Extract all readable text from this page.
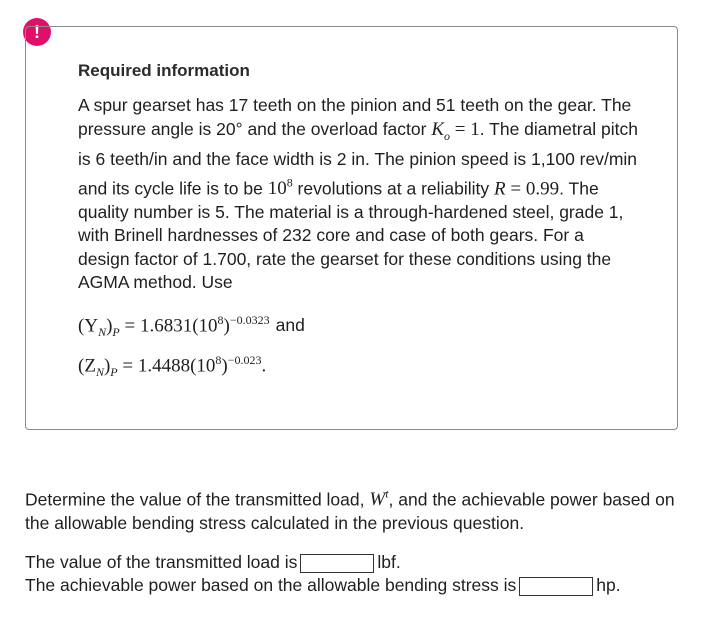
!
Required information
A spur gearset has 17 teeth on the pinion and 51 teeth on the gear. The pressure angle is 20° and the overload factor $K_o = 1$. The diametral pitch is 6 teeth/in and the face width is 2 in. The pinion speed is 1,100 rev/min and its cycle life is to be $10^8$ revolutions at a reliability R = 0.99. The quality number is 5. The material is a through-hardened steel, grade 1, with Brinell hardnesses of 232 core and case of both gears. For a design factor of 1.700, rate the gearset for these conditions using the AGMA method. Use
$(Y_N)_P = 1.6831(10^8)^{-0.0323}$ and
$(Z_N)_P = 1.4488(10^8)^{-0.023}$.
Determine the value of the transmitted load, $W^t$, and the achievable power based on the allowable bending stress calculated in the previous question.
The value of the transmitted load is	lbf.
The achievable power based on the allowable bending stress is	hp.
